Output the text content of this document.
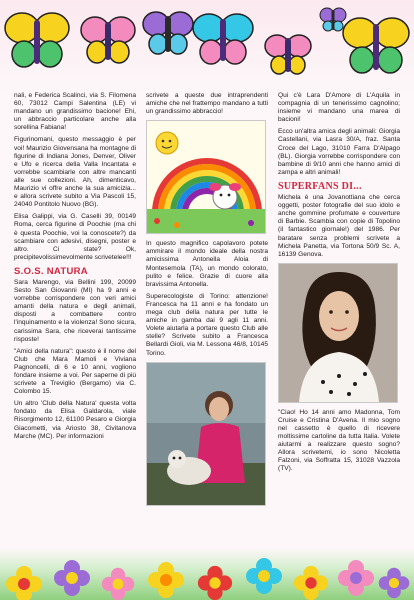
nali, e Federica Scalinci, via S. Filomena 60, 73012 Campi Salentina (LE) vi mandano un grandissimo bacione! Ehi, un abbraccio particolare anche alla sorellina Fabiana!

Figurinomani, questo messaggio è per voi! Maurizio Giovensana ha montagne di figurine di Indiana Jones, Denver, Oliver e Ufo e ricerca della Valla Incantata e vorrebbe scambiarle con altre mancanti alle sue collezioni. Ah, dimenticavo, Maurizio vi offre anche la sua amicizia... e allora scrivete subito a Via Pascoli 15, 24040 Pontitolo Nuovo (BG).

Elisa Galippi, via G. Caselli 39, 00149 Roma, cerca figurine di Poochie (ma chi è questa Poochie, voi la conoscete?) da scambiare con adesivi, disegni, poster e altro. Ci state? Ok, precipitevolissimevolmente scrivetelee!!!

S.O.S. NATURA

Sara Marengo, via Bellini 199, 20099 Sesto San Giovanni (MI) ha 9 anni e vorrebbe corrispondere con veri amici amanti della natura e degli animali, disposti a combattere contro l'inquinamento e la violenza! Sono sicura, carissima Sara, che riceverai tantissime risposte!

"Amici della natura": questo è il nome del Club che Mara Mamoli e Viviana Pagnoncelli, di 6 e 10 anni, vogliono fondare insieme a voi. Per saperne di più scrivete a Treviglio (Bergamo) via C. Colombo 15.

Un altro 'Club della Natura' questa volta fondato da Elisa Galdarola, viale Risorgimento 12, 61100 Pesaro e Giorgia Giacometti, via Ariosto 38, Civitanova Marche (MC). Per informazioni

scrivete a queste due intraprendenti amiche che nel frattempo mandano a tutti un grandissimo abbraccio!

In questo magnifico capolavoro potete ammirare il mondo ideale della nostra amicissima Antonella Aloia di Montesemola (TA), un mondo colorato, pulito e felice. Grazie di cuore alla bravissima Antonella.

Superecologiste di Torino: attenzione! Francesca ha 11 anni e ha fondato un mega club della natura per tutte le amiche in gamba dai 9 agli 11 anni. Volete aiutarla a portare questo Club alle stelle? Scrivete subito a Francesca Bellardi Gioli, via M. Lessona 46/8, 10145 Torino.

Qui c'è Lara D'Amore di L'Aquila in compagnia di un tenerissimo cagnolino; insieme vi mandano una marea di bacioni!

Ecco un'altra amica degli animali: Giorgia Castellani, via Lasra 30/A, fraz. Santa Croce del Lago, 31010 Farra D'Alpago (BL). Giorgia vorrebbe corrispondere con bambine di 9/10 anni che hanno amici di zampa e altri animali!

SUPERFANS DI...

Michela è una Jovanottiana che cerca oggetti, poster fotografie del suo idolo e anche gommine profumate e couverture di Barbie. Scambia con copie di Topolino (il fantastico giornale!) del 1986. Per baratare senza problemi scrivete a Michela Panetta, via Tortona 50/9 Sc. A, 16139 Genova.

"Ciao! Ho 14 anni amo Madonna, Tom Cruise e Cristina D'Avena. Il mio sogno nel cassetto è quello di ricevere moltissime cartoline da tutta Italia. Volete aiutarmi a realizzare questo sogno? Allora scrivetemi, io sono Nicoletta Falzoni, via Soffratta 15, 31028 Vazzola (TV).
